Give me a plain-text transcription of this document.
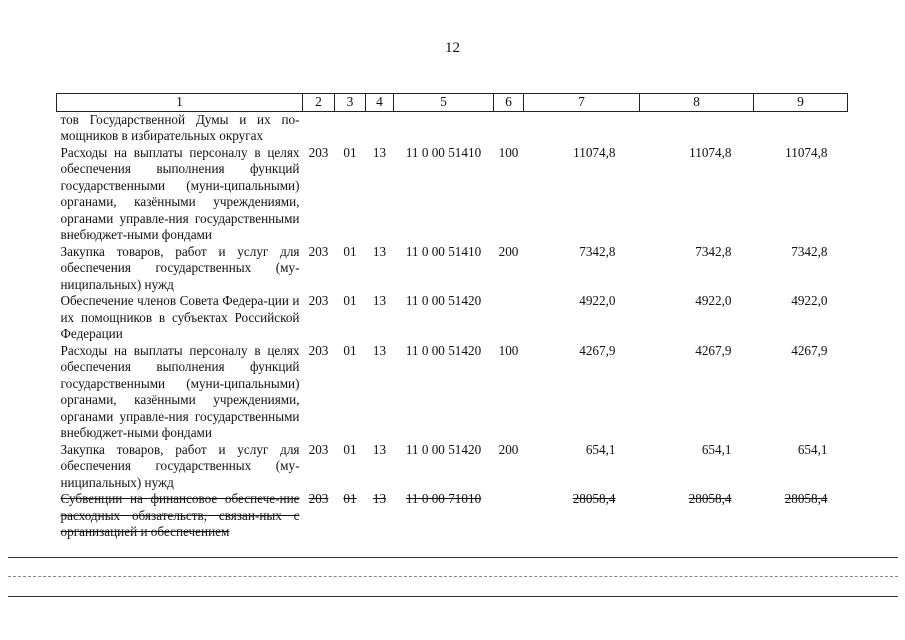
12
1	2	3	4	5	6	7	8	9
тов Государственной Думы и их по-мощников в избирательных округах								
Расходы на выплаты персоналу в целях обеспечения выполнения функций государственными (муни-ципальными) органами, казёнными учреждениями, органами управле-ния государственными внебюджет-ными фондами	203	01	13	11 0 00 51410	100	11074,8	11074,8	11074,8
Закупка товаров, работ и услуг для обеспечения государственных (му-ниципальных) нужд	203	01	13	11 0 00 51410	200	7342,8	7342,8	7342,8
Обеспечение членов Совета Федера-ции и их помощников в субъектах Российской Федерации	203	01	13	11 0 00 51420		4922,0	4922,0	4922,0
Расходы на выплаты персоналу в целях обеспечения выполнения функций государственными (муни-ципальными) органами, казёнными учреждениями, органами управле-ния государственными внебюджет-ными фондами	203	01	13	11 0 00 51420	100	4267,9	4267,9	4267,9
Закупка товаров, работ и услуг для обеспечения государственных (му-ниципальных) нужд	203	01	13	11 0 00 51420	200	654,1	654,1	654,1
Субвенции на финансовое обеспече-ние расходных обязательств, связан-ных с организацией и обеспечением	203	01	13	11 0 00 71010		28058,4	28058,4	28058,4
